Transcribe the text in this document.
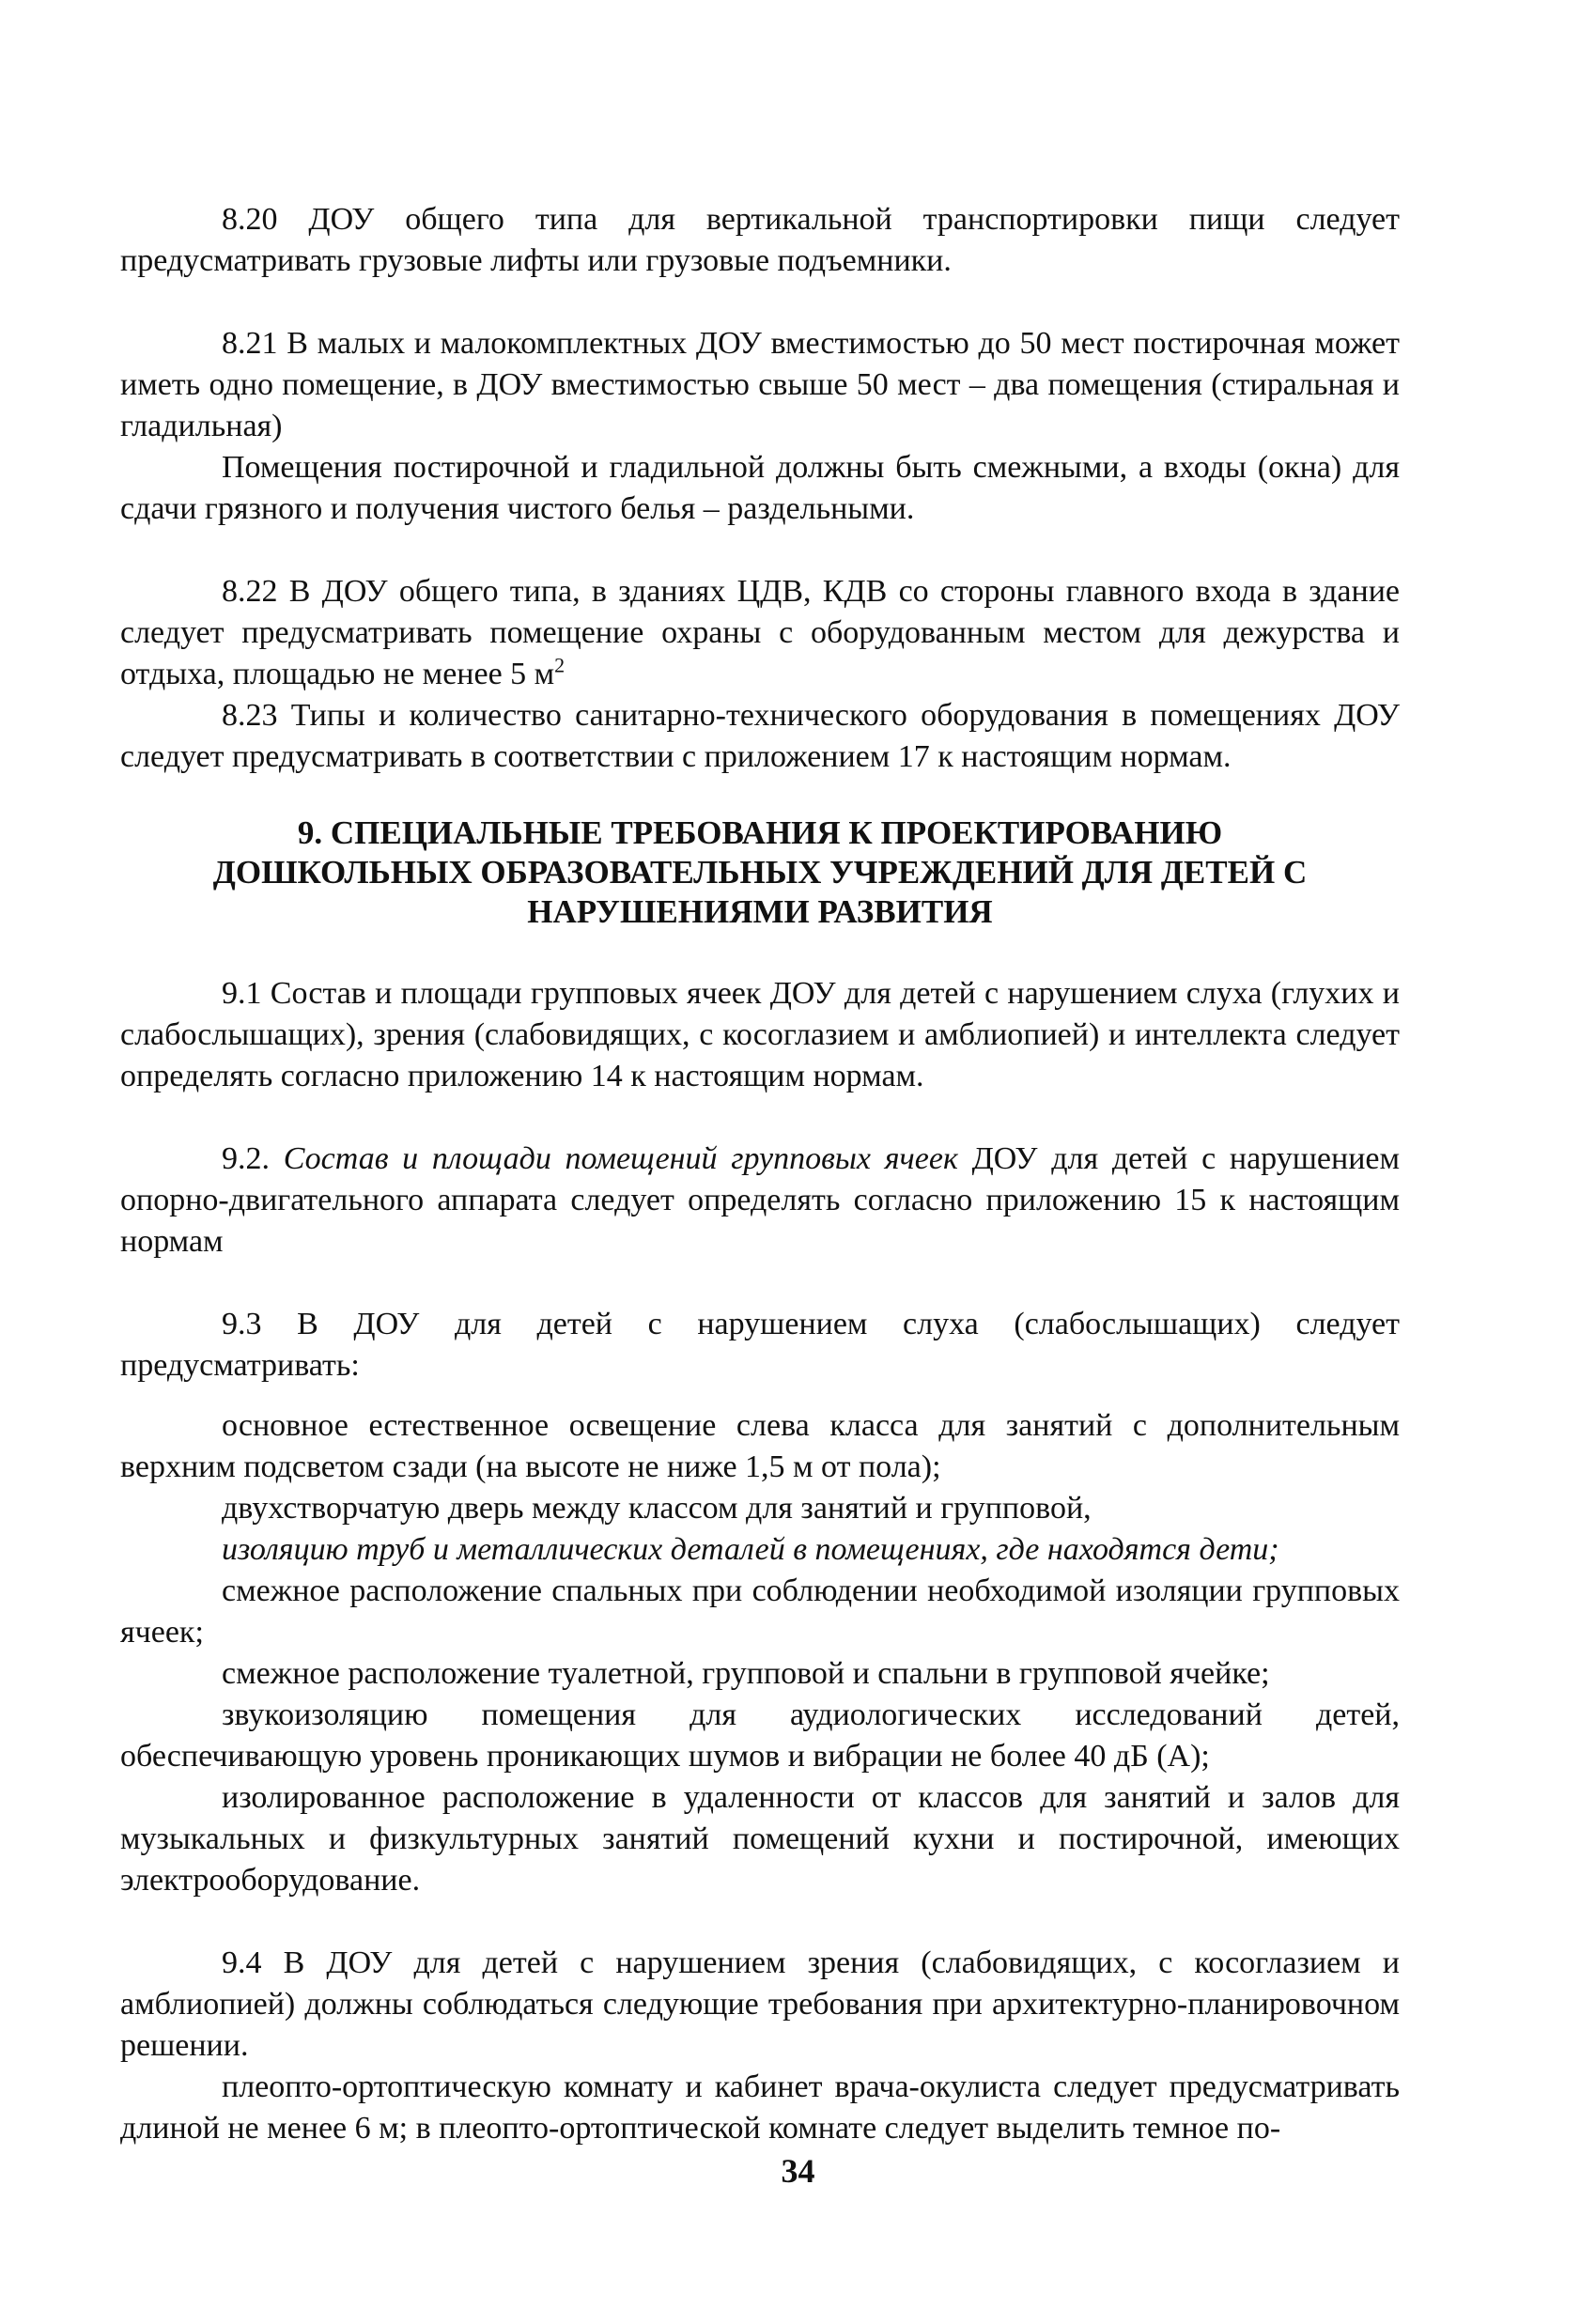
8.20 ДОУ общего типа для вертикальной транспортировки пищи следует предусматривать грузовые лифты или грузовые подъемники.

8.21 В малых и малокомплектных ДОУ вместимостью до 50 мест постирочная может иметь одно помещение, в ДОУ вместимостью свыше 50 мест – два помещения (стиральная и гладильная)

Помещения постирочной и гладильной должны быть смежными, а входы (окна) для сдачи грязного и получения чистого белья – раздельными.

8.22 В ДОУ общего типа, в зданиях ЦДВ, КДВ со стороны главного входа в здание следует предусматривать помещение охраны с оборудованным местом для дежурства и отдыха, площадью не менее 5 $м^2$

8.23 Типы и количество санитарно-технического оборудования в помещениях ДОУ следует предусматривать в соответствии с приложением 17 к настоящим нормам.

9. СПЕЦИАЛЬНЫЕ ТРЕБОВАНИЯ К ПРОЕКТИРОВАНИЮ

ДОШКОЛЬНЫХ ОБРАЗОВАТЕЛЬНЫХ УЧРЕЖДЕНИЙ ДЛЯ ДЕТЕЙ С

НАРУШЕНИЯМИ РАЗВИТИЯ

9.1 Состав и площади групповых ячеек ДОУ для детей с нарушением слуха (глухих и слабослышащих), зрения (слабовидящих, с косоглазием и амблиопией) и интеллекта следует определять согласно приложению 14 к настоящим нормам.

9.2. Состав и площади помещений групповых ячеек ДОУ для детей с нарушением опорно-двигательного аппарата следует определять согласно приложению 15 к настоящим нормам

9.3 В ДОУ для детей с нарушением слуха (слабослышащих) следует предусматривать:

основное естественное освещение слева класса для занятий с дополнительным верхним подсветом сзади (на высоте не ниже 1,5 м от пола);

двухстворчатую дверь между классом для занятий и групповой,

изоляцию труб и металлических деталей в помещениях, где находятся дети;

смежное расположение спальных при соблюдении необходимой изоляции групповых ячеек;

смежное расположение туалетной, групповой и спальни в групповой ячейке;

звукоизоляцию помещения для аудиологических исследований детей, обеспечивающую уровень проникающих шумов и вибрации не более 40 дБ (А);

изолированное расположение в удаленности от классов для занятий и залов для музыкальных и физкультурных занятий помещений кухни и постирочной, имеющих электрооборудование.

9.4 В ДОУ для детей с нарушением зрения (слабовидящих, с косоглазием и амблиопией) должны соблюдаться следующие требования при архитектурно-планировочном решении.

плеопто-ортоптическую комнату и кабинет врача-окулиста следует предусматривать длиной не менее 6 м; в плеопто-ортоптической комнате следует выделить темное по-

34
